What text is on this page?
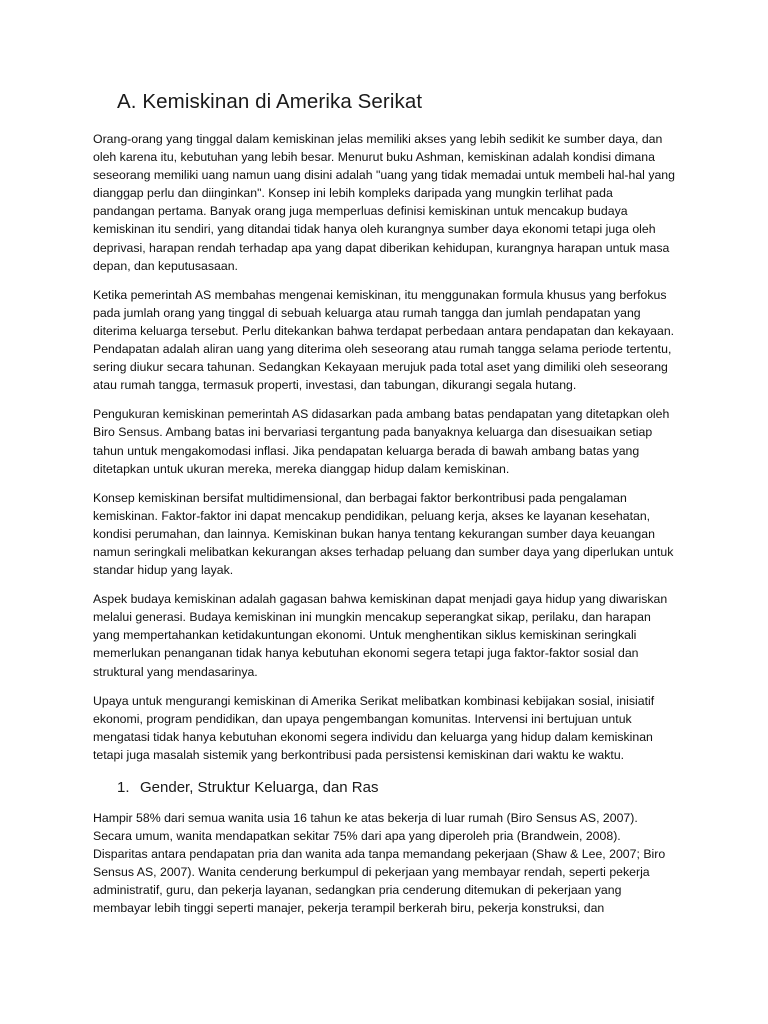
A. Kemiskinan di Amerika Serikat

Orang-orang yang tinggal dalam kemiskinan jelas memiliki akses yang lebih sedikit ke sumber daya, dan oleh karena itu, kebutuhan yang lebih besar. Menurut buku Ashman, kemiskinan adalah kondisi dimana seseorang memiliki uang namun uang disini adalah "uang yang tidak memadai untuk membeli hal-hal yang dianggap perlu dan diinginkan". Konsep ini lebih kompleks daripada yang mungkin terlihat pada pandangan pertama. Banyak orang juga memperluas definisi kemiskinan untuk mencakup budaya kemiskinan itu sendiri, yang ditandai tidak hanya oleh kurangnya sumber daya ekonomi tetapi juga oleh deprivasi, harapan rendah terhadap apa yang dapat diberikan kehidupan, kurangnya harapan untuk masa depan, dan keputusasaan.

Ketika pemerintah AS membahas mengenai kemiskinan, itu menggunakan formula khusus yang berfokus pada jumlah orang yang tinggal di sebuah keluarga atau rumah tangga dan jumlah pendapatan yang diterima keluarga tersebut. Perlu ditekankan bahwa terdapat perbedaan antara pendapatan dan kekayaan. Pendapatan adalah aliran uang yang diterima oleh seseorang atau rumah tangga selama periode tertentu, sering diukur secara tahunan. Sedangkan Kekayaan merujuk pada total aset yang dimiliki oleh seseorang atau rumah tangga, termasuk properti, investasi, dan tabungan, dikurangi segala hutang.

Pengukuran kemiskinan pemerintah AS didasarkan pada ambang batas pendapatan yang ditetapkan oleh Biro Sensus. Ambang batas ini bervariasi tergantung pada banyaknya keluarga dan disesuaikan setiap tahun untuk mengakomodasi inflasi. Jika pendapatan keluarga berada di bawah ambang batas yang ditetapkan untuk ukuran mereka, mereka dianggap hidup dalam kemiskinan.

Konsep kemiskinan bersifat multidimensional, dan berbagai faktor berkontribusi pada pengalaman kemiskinan. Faktor-faktor ini dapat mencakup pendidikan, peluang kerja, akses ke layanan kesehatan, kondisi perumahan, dan lainnya. Kemiskinan bukan hanya tentang kekurangan sumber daya keuangan namun seringkali melibatkan kekurangan akses terhadap peluang dan sumber daya yang diperlukan untuk standar hidup yang layak.

Aspek budaya kemiskinan adalah gagasan bahwa kemiskinan dapat menjadi gaya hidup yang diwariskan melalui generasi. Budaya kemiskinan ini mungkin mencakup seperangkat sikap, perilaku, dan harapan yang mempertahankan ketidakuntungan ekonomi. Untuk menghentikan siklus kemiskinan seringkali memerlukan penanganan tidak hanya kebutuhan ekonomi segera tetapi juga faktor-faktor sosial dan struktural yang mendasarinya.

Upaya untuk mengurangi kemiskinan di Amerika Serikat melibatkan kombinasi kebijakan sosial, inisiatif ekonomi, program pendidikan, dan upaya pengembangan komunitas. Intervensi ini bertujuan untuk mengatasi tidak hanya kebutuhan ekonomi segera individu dan keluarga yang hidup dalam kemiskinan tetapi juga masalah sistemik yang berkontribusi pada persistensi kemiskinan dari waktu ke waktu.

1. Gender, Struktur Keluarga, dan Ras

Hampir 58% dari semua wanita usia 16 tahun ke atas bekerja di luar rumah (Biro Sensus AS, 2007). Secara umum, wanita mendapatkan sekitar 75% dari apa yang diperoleh pria (Brandwein, 2008). Disparitas antara pendapatan pria dan wanita ada tanpa memandang pekerjaan (Shaw & Lee, 2007; Biro Sensus AS, 2007). Wanita cenderung berkumpul di pekerjaan yang membayar rendah, seperti pekerja administratif, guru, dan pekerja layanan, sedangkan pria cenderung ditemukan di pekerjaan yang membayar lebih tinggi seperti manajer, pekerja terampil berkerah biru, pekerja konstruksi, dan
